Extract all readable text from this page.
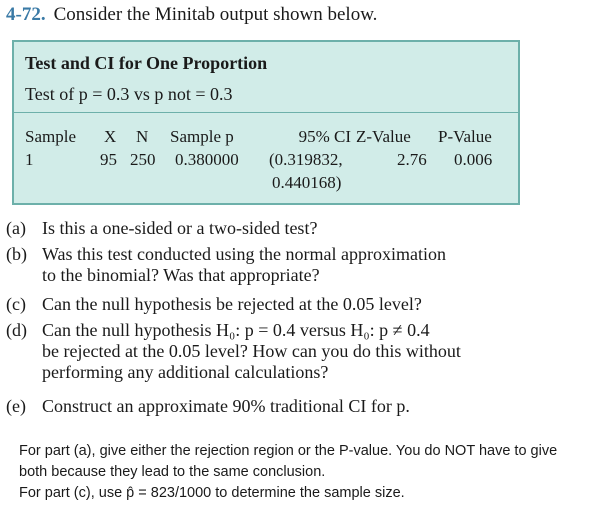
4-72. Consider the Minitab output shown below.
Test and CI for One Proportion
Test of p = 0.3 vs p not = 0.3
Sample X N Sample p	95% CI Z-Value P-Value
1	95 250 0.380000 (0.319832,	2.76 0.006
0.440168)
(a) Is this a one-sided or a two-sided test?
(b) Was this test conducted using the normal approximation
to the binomial? Was that appropriate?
(c) Can the null hypothesis be rejected at the 0.05 level?
(d) Can the null hypothesis H₀: p = 0.4 versus H₀: p ≠ 0.4
be rejected at the 0.05 level? How can you do this without
performing any additional calculations?
(e) Construct an approximate 90% traditional CI for p.
For part (a), give either the rejection region or the P-value. You do NOT have to give
both because they lead to the same conclusion.
For part (c), use p̂ = 823/1000 to determine the sample size.
